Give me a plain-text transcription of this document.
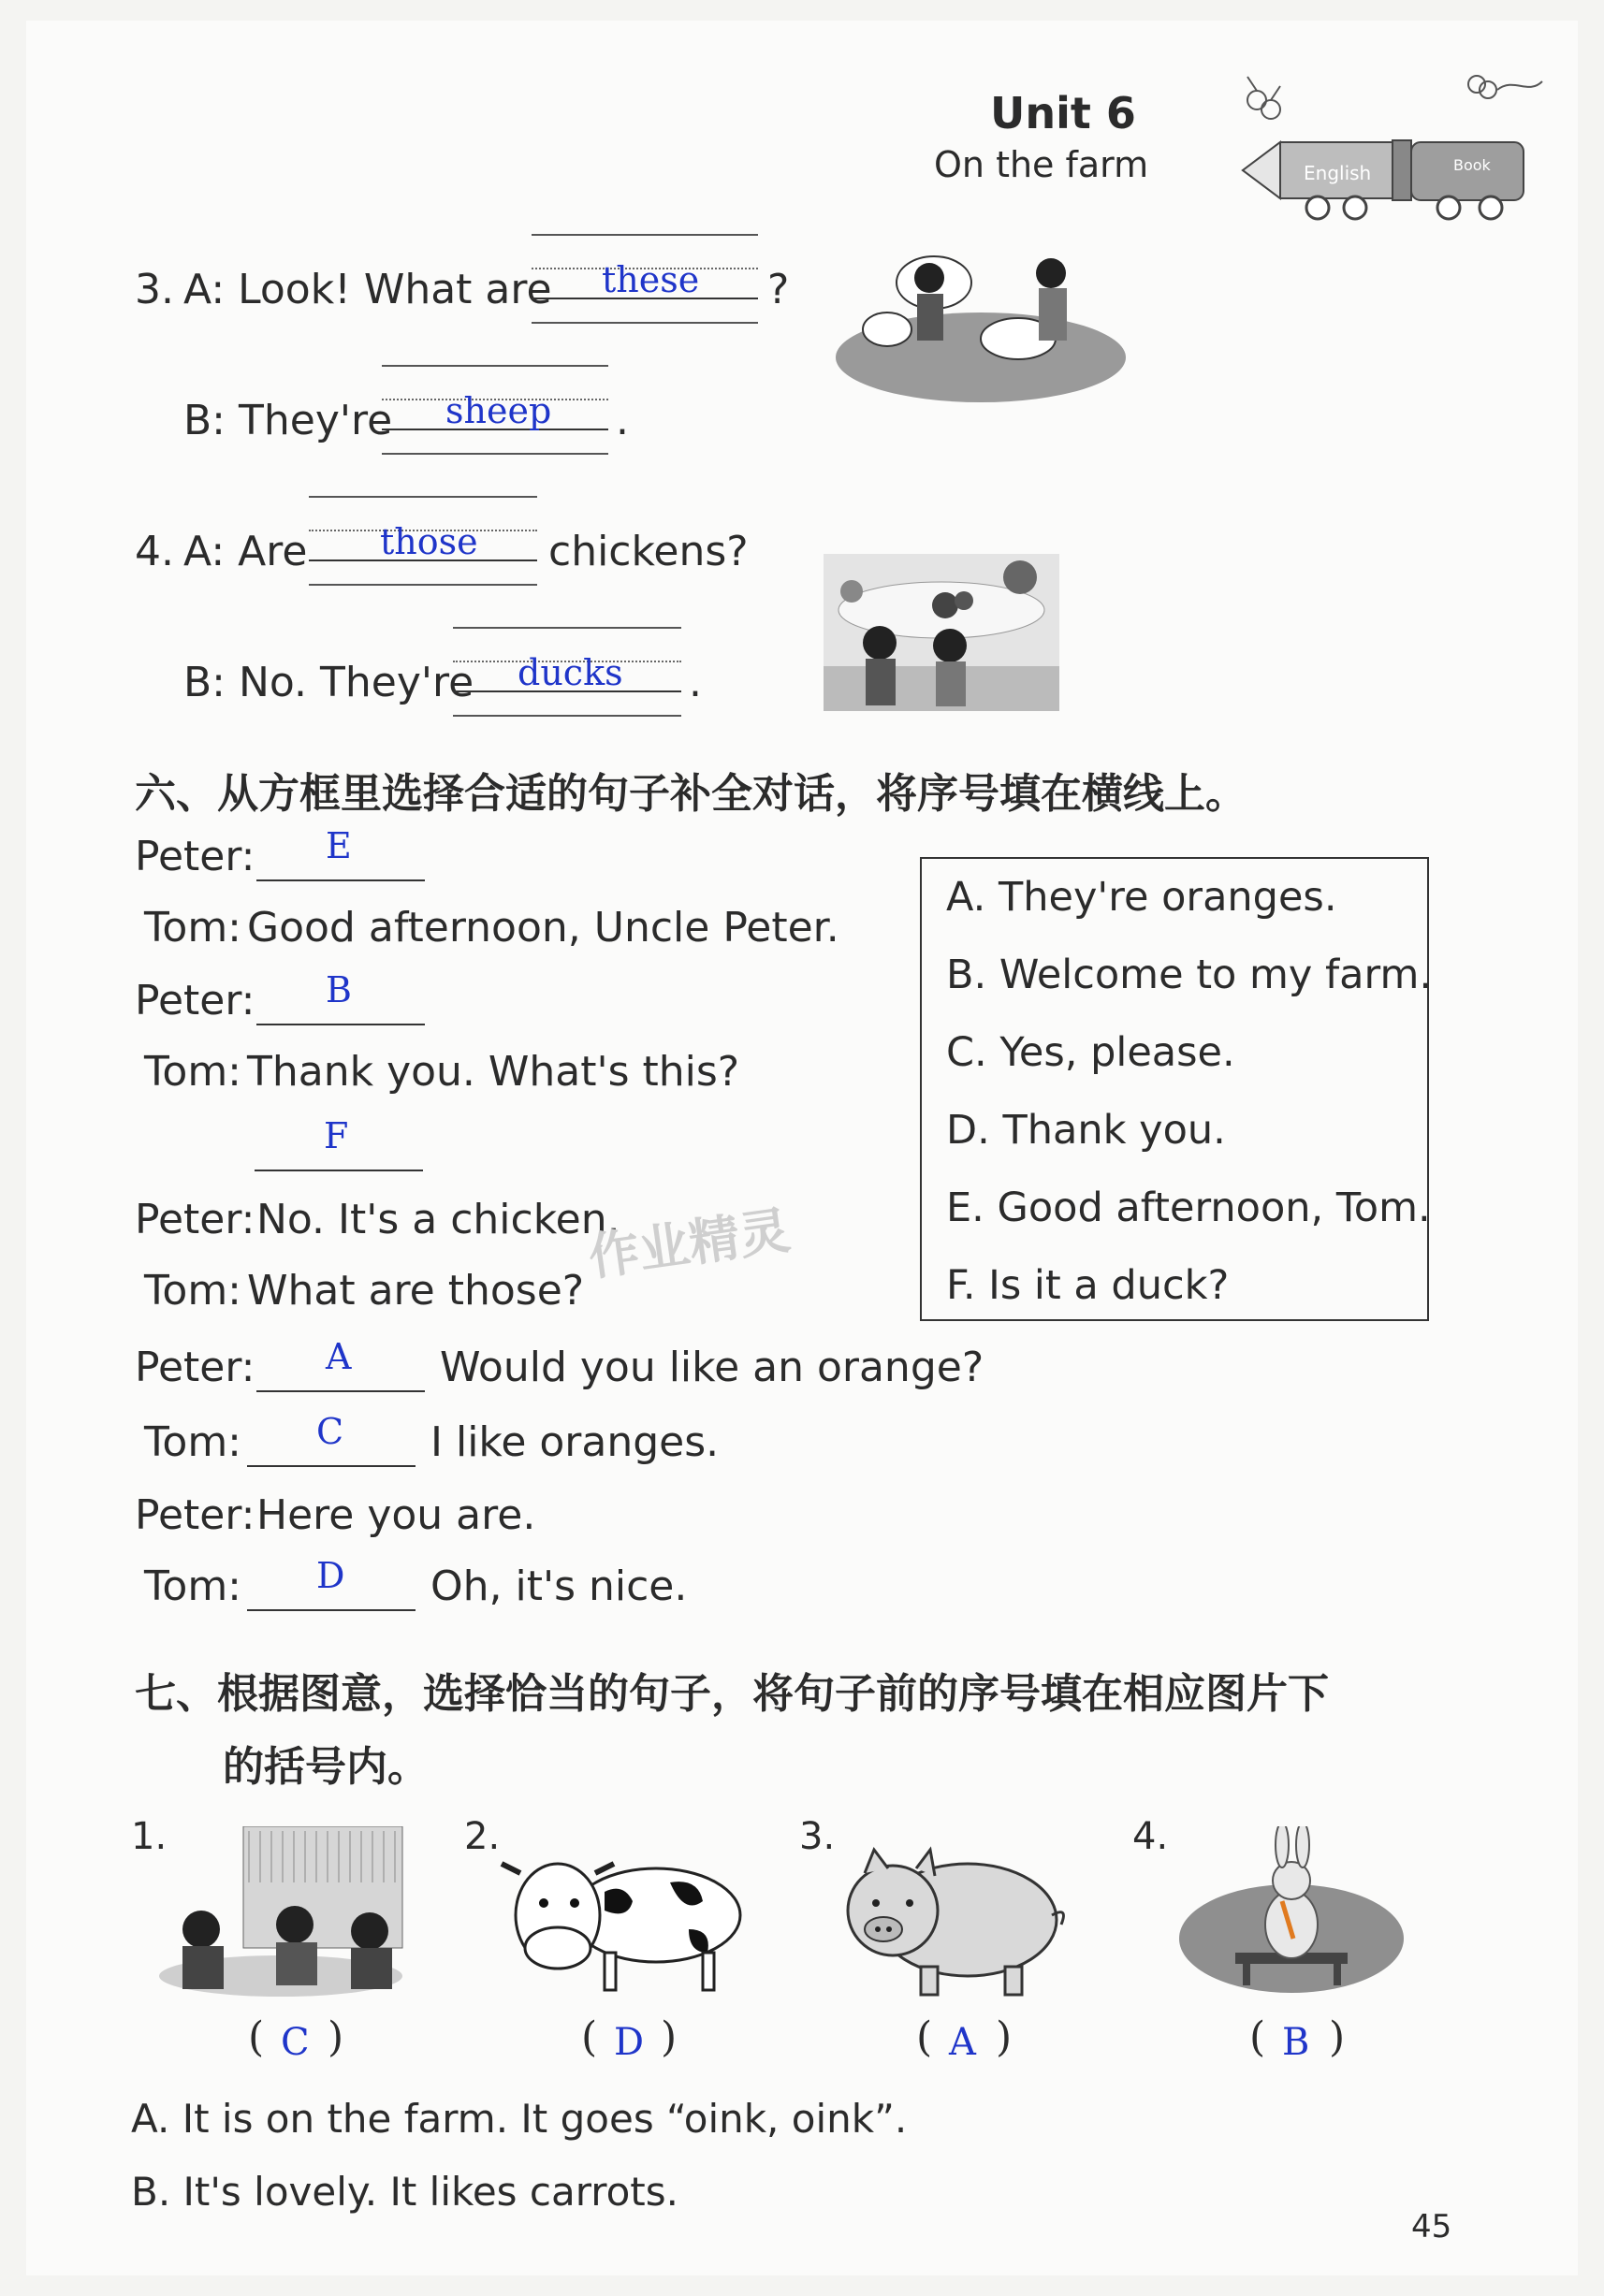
Unit 6
On the farm	English	Book
3. A: Look! What are these ?
B: They're sheep .
4. A: Are those chickens?
B: No. They're ducks .
六、从方框里选择合适的句子补全对话，将序号填在横线上。
Peter: E
Tom: Good afternoon, Uncle Peter.
Peter: B
Tom: Thank you. What's this?
F
Peter: No. It's a chicken.
Tom: What are those?
Peter: A Would you like an orange?
Tom: C I like oranges.
Peter: Here you are.
Tom: D Oh, it's nice.
A. They're oranges.
B. Welcome to my farm.
C. Yes, please.
D. Thank you.
E. Good afternoon, Tom.
F. Is it a duck?
作业精灵
七、根据图意，选择恰当的句子，将句子前的序号填在相应图片下
的括号内。
1.
( C )
2.
( D )
3.
( A )
4.
( B )
A. It is on the farm. It goes “oink, oink”.
B. It's lovely. It likes carrots.
45
